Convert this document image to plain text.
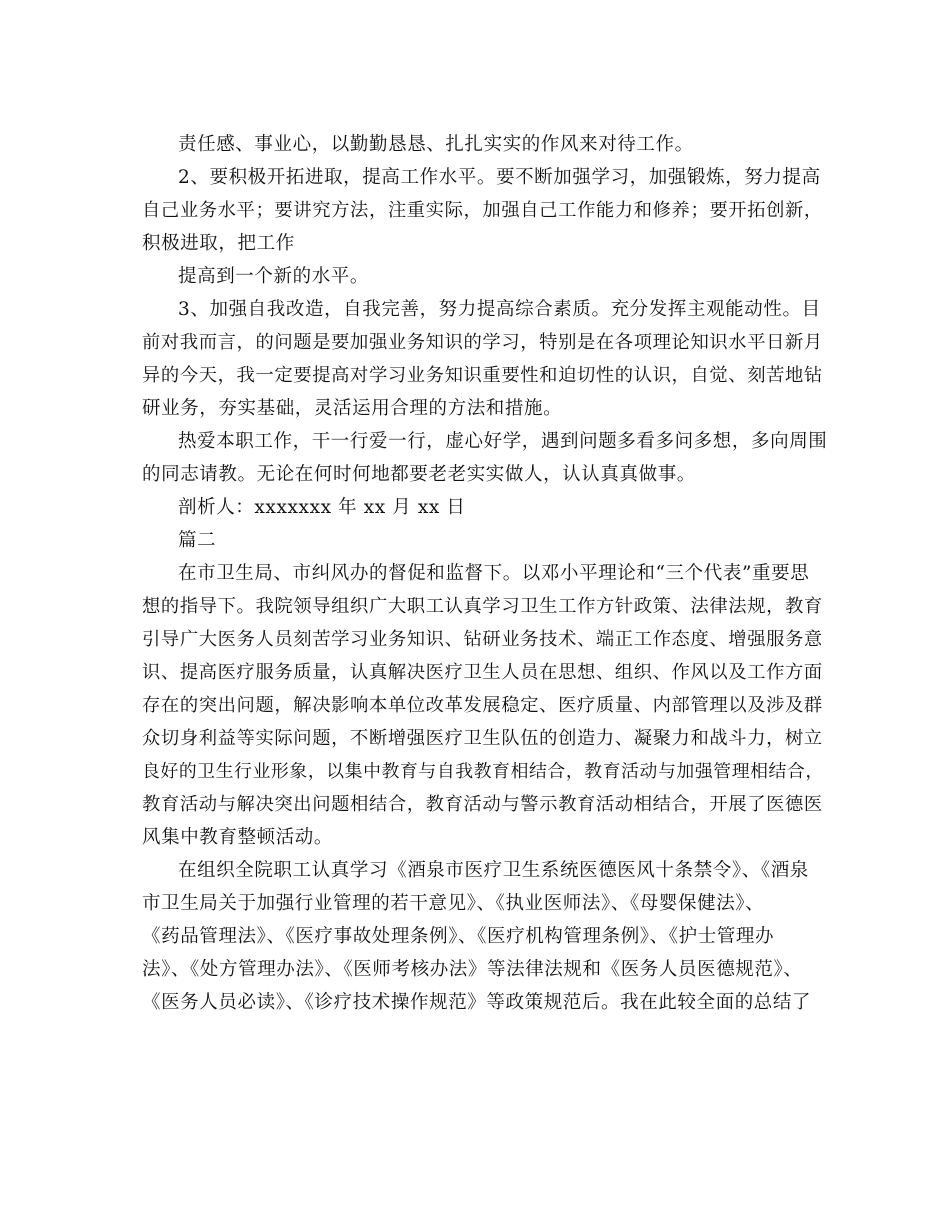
责任感、事业心，以勤勤恳恳、扎扎实实的作风来对待工作。
2、要积极开拓进取，提高工作水平。要不断加强学习，加强锻炼，努力提高
自己业务水平；要讲究方法，注重实际，加强自己工作能力和修养；要开拓创新，
积极进取，把工作
提高到一个新的水平。
3、加强自我改造，自我完善，努力提高综合素质。充分发挥主观能动性。目
前对我而言，的问题是要加强业务知识的学习，特别是在各项理论知识水平日新月
异的今天，我一定要提高对学习业务知识重要性和迫切性的认识，自觉、刻苦地钻
研业务，夯实基础，灵活运用合理的方法和措施。
热爱本职工作，干一行爱一行，虚心好学，遇到问题多看多问多想，多向周围
的同志请教。无论在何时何地都要老老实实做人，认认真真做事。
剖析人：xxxxxxx 年 xx 月 xx 日
篇二
在市卫生局、市纠风办的督促和监督下。以邓小平理论和“三个代表”重要思
想的指导下。我院领导组织广大职工认真学习卫生工作方针政策、法律法规，教育
引导广大医务人员刻苦学习业务知识、钻研业务技术、端正工作态度、增强服务意
识、提高医疗服务质量，认真解决医疗卫生人员在思想、组织、作风以及工作方面
存在的突出问题，解决影响本单位改革发展稳定、医疗质量、内部管理以及涉及群
众切身利益等实际问题，不断增强医疗卫生队伍的创造力、凝聚力和战斗力，树立
良好的卫生行业形象，以集中教育与自我教育相结合，教育活动与加强管理相结合，
教育活动与解决突出问题相结合，教育活动与警示教育活动相结合，开展了医德医
风集中教育整顿活动。
在组织全院职工认真学习《酒泉市医疗卫生系统医德医风十条禁令》、《酒泉
市卫生局关于加强行业管理的若干意见》、《执业医师法》、《母婴保健法》、
《药品管理法》、《医疗事故处理条例》、《医疗机构管理条例》、《护士管理办
法》、《处方管理办法》、《医师考核办法》等法律法规和《医务人员医德规范》、
《医务人员必读》、《诊疗技术操作规范》等政策规范后。我在此较全面的总结了
